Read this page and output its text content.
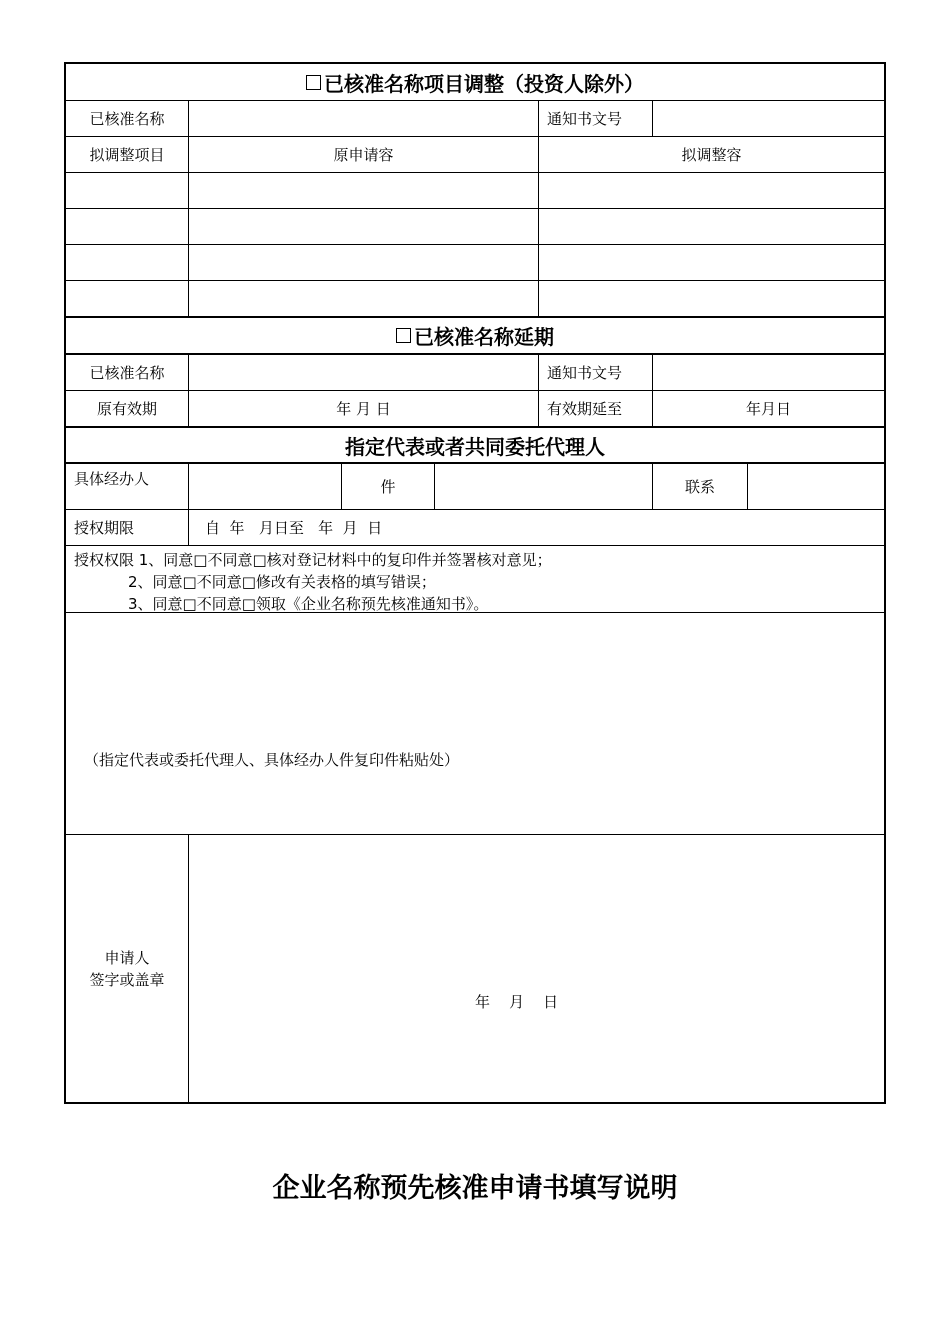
已核准名称项目调整（投资人除外）
已核准名称	通知书文号
拟调整项目	原申请容	拟调整容
已核准名称延期
已核准名称	通知书文号
原有效期	年 月 日	有效期延至	年月日
指定代表或者共同委托代理人
具体经办人	件	联系
授权期限	自  年   月日至   年  月  日
授权权限 1、同意□不同意□核对登记材料中的复印件并签署核对意见；
2、同意□不同意□修改有关表格的填写错误；
3、同意□不同意□领取《企业名称预先核准通知书》。
（指定代表或委托代理人、具体经办人件复印件粘贴处）
申请人
签字或盖章
年    月    日
企业名称预先核准申请书填写说明
